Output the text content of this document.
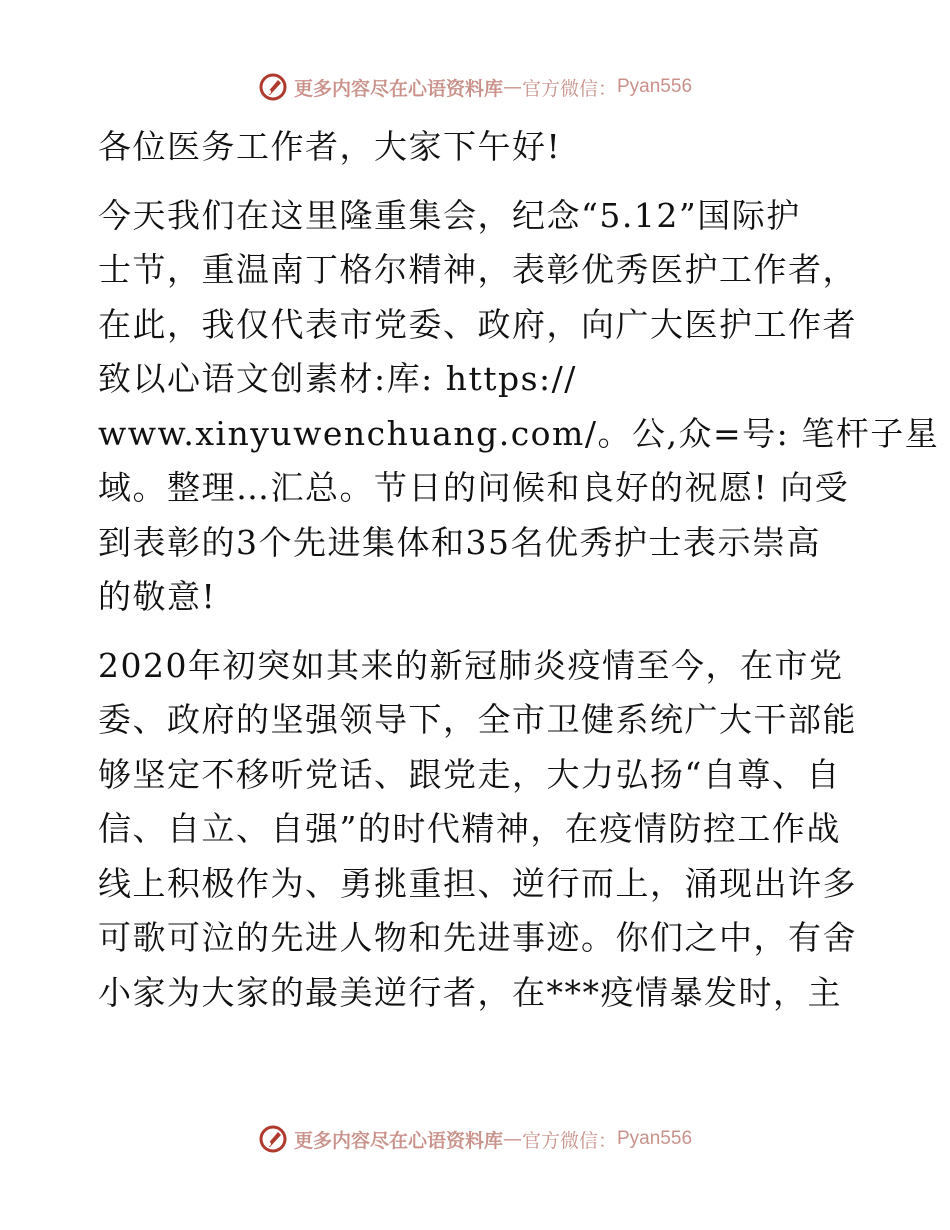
更多内容尽在心语资料库 — 官方微信： Pyan556

各位医务工作者，大家下午好!

今天我们在这里隆重集会，纪念“5.12”国际护
士节，重温南丁格尔精神，表彰优秀医护工作者，
在此，我仅代表市党委、政府，向广大医护工作者
致以心语文创素材:库: https://
www.xinyuwenchuang.com/。公,众=号: 笔杆子星
域。整理…汇总。节日的问候和良好的祝愿! 向受
到表彰的3个先进集体和35名优秀护士表示崇高
的敬意!

2020年初突如其来的新冠肺炎疫情至今，在市党
委、政府的坚强领导下，全市卫健系统广大干部能
够坚定不移听党话、跟党走，大力弘扬“自尊、自
信、自立、自强”的时代精神，在疫情防控工作战
线上积极作为、勇挑重担、逆行而上，涌现出许多
可歌可泣的先进人物和先进事迹。你们之中，有舍
小家为大家的最美逆行者，在***疫情暴发时，主

更多内容尽在心语资料库 — 官方微信： Pyan556
